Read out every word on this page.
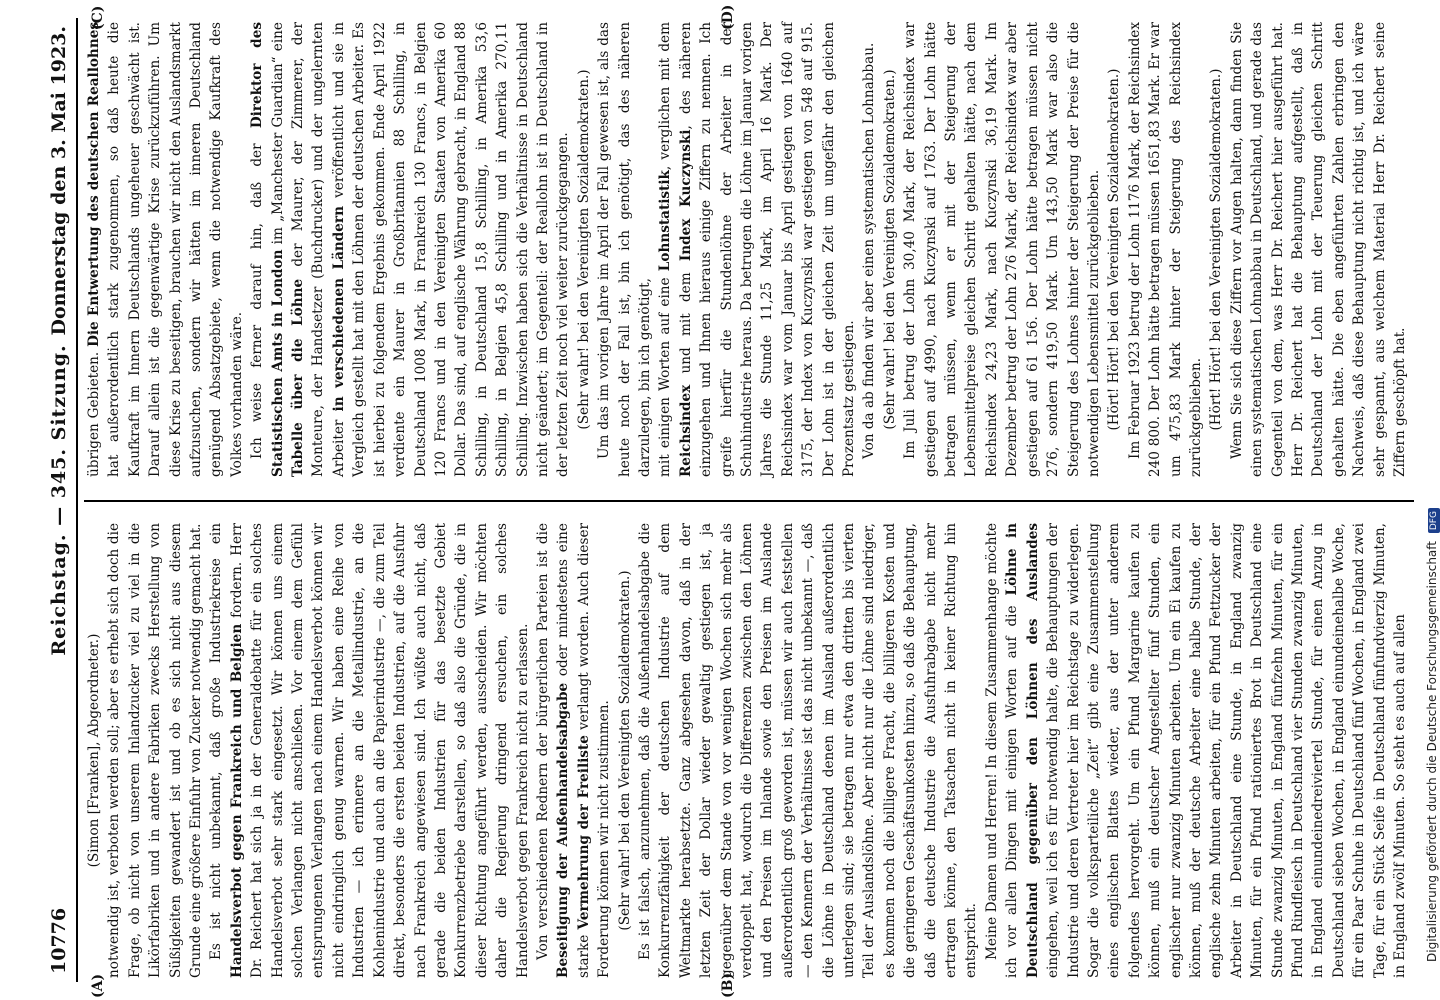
10776
Reichstag. — 345. Sitzung.
Donnerstag den 3. Mai 1923.
(A)	(B)
(C)	(D)

(Simon [Franken], Abgeordneter.) notwendig ist, verboten werden soll; aber es erhebt sich doch die Frage, ob nicht von unserem Inlandzucker viel zu viel in die Likörfabriken und in andere Fabriken zwecks Herstellung von Süßigkeiten gewandert ist und ob es sich nicht aus diesem Grunde eine größere Einfuhr von Zucker notwendig gemacht hat. Es ist nicht unbekannt, daß große Industriekreise ein Handelsverbot gegen Frankreich und Belgien fordern. Herr Dr. Reichert hat sich ja in der Generaldebatte für ein solches Handelsverbot sehr stark eingesetzt. Wir können uns einem solchen Verlangen nicht anschließen. Vor einem dem Gefühl entsprungenen Verlangen nach einem Handelsverbot können wir nicht eindringlich genug warnen. Wir haben eine Reihe von Industrien — ich erinnere an die Metallindustrie, an die Kohlenindustrie und auch an die Papierindustrie —, die zum Teil direkt, besonders die ersten beiden Industrien, auf die Ausfuhr nach Frankreich angewiesen sind. Ich wüßte auch nicht, daß gerade die beiden Industrien für das besetzte Gebiet Konkurrenzbetriebe darstellen, so daß also die Gründe, die in dieser Richtung angeführt werden, ausscheiden. Wir möchten daher die Regierung dringend ersuchen, ein solches Handelsverbot gegen Frankreich nicht zu erlassen. Von verschiedenen Rednern der bürgerlichen Parteien ist die Beseitigung der Außenhandelsabgabe oder mindestens eine starke Vermehrung der Freiliste verlangt worden. Auch dieser Forderung können wir nicht zustimmen. (Sehr wahr! bei den Vereinigten Sozialdemokraten.) Es ist falsch, anzunehmen, daß die Außenhandelsabgabe die Konkurrenzfähigkeit der deutschen Industrie auf dem Weltmarkte herabsetzte. Ganz abgesehen davon, daß in der letzten Zeit der Dollar wieder gewaltig gestiegen ist, ja gegenüber dem Stande von vor wenigen Wochen sich mehr als verdoppelt hat, wodurch die Differenzen zwischen den Löhnen und den Preisen im Inlande sowie den Preisen im Auslande außerordentlich groß geworden ist, müssen wir auch feststellen — den Kennern der Verhältnisse ist das nicht unbekannt —, daß die Löhne in Deutschland denen im Ausland außerordentlich unterlegen sind; sie betragen nur etwa den dritten bis vierten Teil der Auslandslöhne. Aber nicht nur die Löhne sind niedriger, es kommen noch die billigere Fracht, die billigeren Kosten und die geringeren Geschäftsunkosten hinzu, so daß die Behauptung, daß die deutsche Industrie die Ausfuhrabgabe nicht mehr ertragen könne, den Tatsachen nicht in keiner Richtung hin entspricht. Meine Damen und Herren! In diesem Zusammenhange möchte ich vor allen Dingen mit einigen Worten auf die Löhne in Deutschland gegenüber den Löhnen des Auslandes eingehen, weil ich es für notwendig halte, die Behauptungen der Industrie und deren Vertreter hier im Reichstage zu widerlegen. Sogar die volksparteiliche „Zeit“ gibt eine Zusammenstellung eines englischen Blattes wieder, aus der unter anderem folgendes hervorgeht. Um ein Pfund Margarine kaufen zu können, muß ein deutscher Angestellter fünf Stunden, ein englischer nur zwanzig Minuten arbeiten. Um ein Ei kaufen zu können, muß der deutsche Arbeiter eine halbe Stunde, der englische zehn Minuten arbeiten, für ein Pfund Fettzucker der Arbeiter in Deutschland eine Stunde, in England zwanzig Minuten, für ein Pfund rationiertes Brot in Deutschland eine Stunde zwanzig Minuten, in England fünfzehn Minuten, für ein Pfund Rindfleisch in Deutschland vier Stunden zwanzig Minuten, in England einundeinedreiviertel Stunde, für einen Anzug in Deutschland sieben Wochen, in England einundeinehalbe Woche, für ein Paar Schuhe in Deutschland fünf Wochen, in England zwei Tage, für ein Stück Seife in Deutschland fünfundvierzig Minuten, in England zwölf Minuten. So steht es auch auf allen

übrigen Gebieten. Die Entwertung des deutschen Reallohnes hat außerordentlich stark zugenommen, so daß heute die Kaufkraft im Innern Deutschlands ungeheuer geschwächt ist. Darauf allein ist die gegenwärtige Krise zurückzuführen. Um diese Krise zu beseitigen, brauchen wir nicht den Auslandsmarkt aufzusuchen, sondern wir hätten im inneren Deutschland genügend Absatzgebiete, wenn die notwendige Kaufkraft des Volkes vorhanden wäre. Ich weise ferner darauf hin, daß der Direktor des Statistischen Amts in London im „Manchester Guardian“ eine Tabelle über die Löhne der Maurer, der Zimmerer, der Monteure, der Handsetzer (Buchdrucker) und der ungelernten Arbeiter in verschiedenen Ländern veröffentlicht und sie in Vergleich gestellt hat mit den Löhnen der deutschen Arbeiter. Es ist hierbei zu folgendem Ergebnis gekommen. Ende April 1922 verdiente ein Maurer in Großbritannien 88 Schilling, in Deutschland 1008 Mark, in Frankreich 130 Francs, in Belgien 120 Francs und in den Vereinigten Staaten von Amerika 60 Dollar. Das sind, auf englische Währung gebracht, in England 88 Schilling, in Deutschland 15,8 Schilling, in Amerika 53,6 Schilling, in Belgien 45,8 Schilling und in Amerika 270,11 Schilling. Inzwischen haben sich die Verhältnisse in Deutschland nicht geändert; im Gegenteil: der Reallohn ist in Deutschland in der letzten Zeit noch viel weiter zurückgegangen. (Sehr wahr! bei den Vereinigten Sozialdemokraten.) Um das im vorigen Jahre im April der Fall gewesen ist, als das heute noch der Fall ist, bin ich genötigt, das des näheren darzulegen, bin ich genötigt, mit einigen Worten auf eine Lohnstatistik, verglichen mit dem Reichsindex und mit dem Index Kuczynski, des näheren einzugehen und Ihnen hieraus einige Ziffern zu nennen. Ich greife hierfür die Stundenlöhne der Arbeiter in der Schuhindustrie heraus. Da betrugen die Löhne im Januar vorigen Jahres die Stunde 11,25 Mark, im April 16 Mark. Der Reichsindex war vom Januar bis April gestiegen von 1640 auf 3175, der Index von Kuczynski war gestiegen von 548 auf 915. Der Lohn ist in der gleichen Zeit um ungefähr den gleichen Prozentsatz gestiegen. Von da ab finden wir aber einen systematischen Lohnabbau. (Sehr wahr! bei den Vereinigten Sozialdemokraten.) Im Juli betrug der Lohn 30,40 Mark, der Reichsindex war gestiegen auf 4990, nach Kuczynski auf 1763. Der Lohn hätte betragen müssen, wenn er mit der Steigerung der Lebensmittelpreise gleichen Schritt gehalten hätte, nach dem Reichsindex 24,23 Mark, nach Kuczynski 36,19 Mark. Im Dezember betrug der Lohn 276 Mark, der Reichsindex war aber gestiegen auf 61 156. Der Lohn hätte betragen müssen nicht 276, sondern 419,50 Mark. Um 143,50 Mark war also die Steigerung des Lohnes hinter der Steigerung der Preise für die notwendigen Lebensmittel zurückgeblieben. (Hört! Hört! bei den Vereinigten Sozialdemokraten.) Im Februar 1923 betrug der Lohn 1176 Mark, der Reichsindex 240 800. Der Lohn hätte betragen müssen 1651,83 Mark. Er war um 475,83 Mark hinter der Steigerung des Reichsindex zurückgeblieben. (Hört! Hört! bei den Vereinigten Sozialdemokraten.) Wenn Sie sich diese Ziffern vor Augen halten, dann finden Sie einen systematischen Lohnabbau in Deutschland, und gerade das Gegenteil von dem, was Herr Dr. Reichert hier ausgeführt hat. Herr Dr. Reichert hat die Behauptung aufgestellt, daß in Deutschland der Lohn mit der Teuerung gleichen Schritt gehalten hätte. Die eben angeführten Zahlen erbringen den Nachweis, daß diese Behauptung nicht richtig ist, und ich wäre sehr gespannt, aus welchem Material Herr Dr. Reichert seine Ziffern geschöpft hat.

Digitalisierung gefördert durch die Deutsche Forschungsgemeinschaft DFG
